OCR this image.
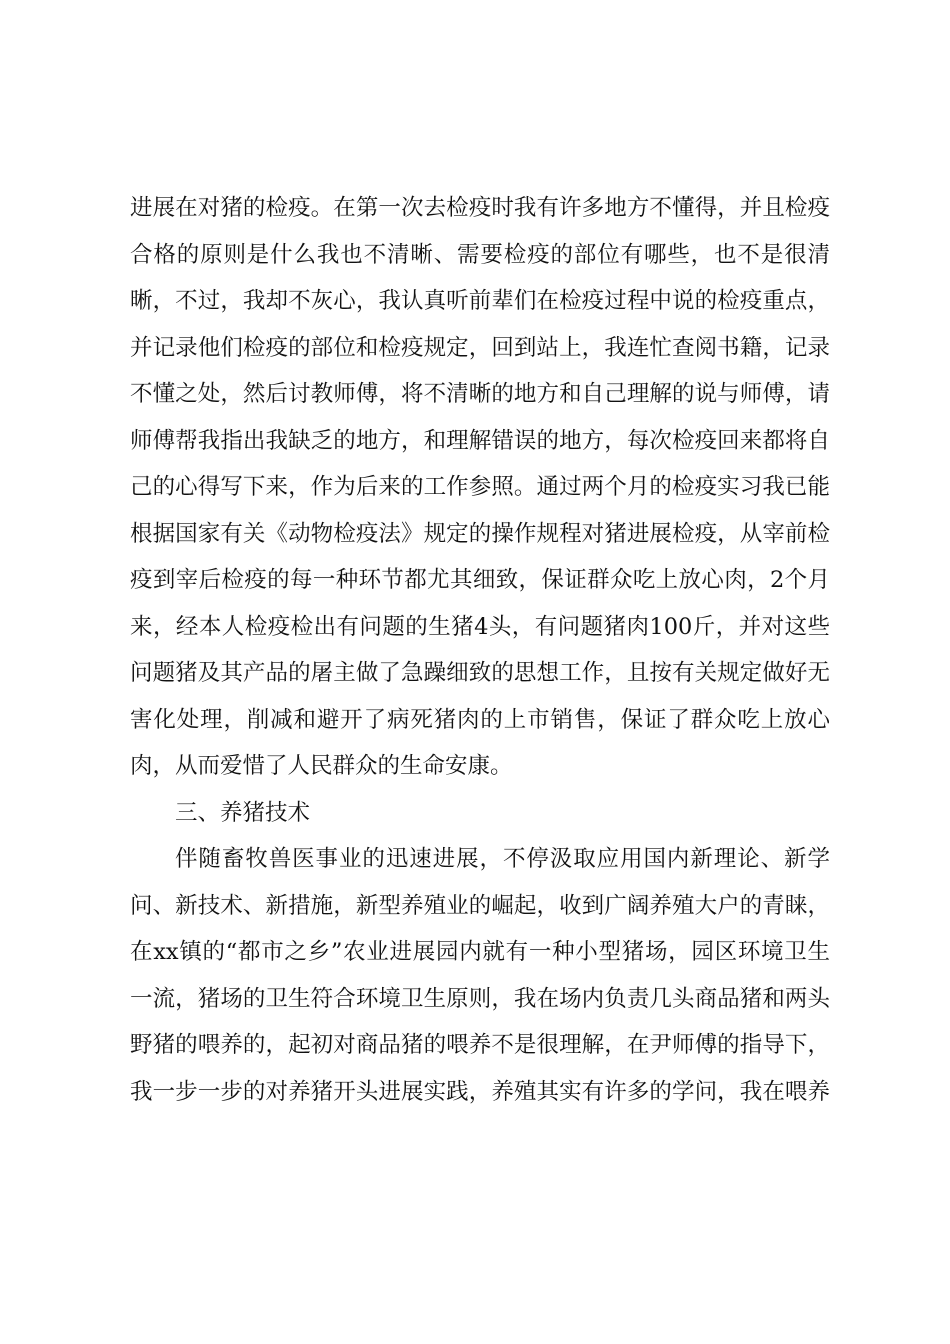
进展在对猪的检疫。在第一次去检疫时我有许多地方不懂得，并且检疫
合格的原则是什么我也不清晰、需要检疫的部位有哪些，也不是很清
晰，不过，我却不灰心，我认真听前辈们在检疫过程中说的检疫重点，
并记录他们检疫的部位和检疫规定，回到站上，我连忙查阅书籍，记录
不懂之处，然后讨教师傅，将不清晰的地方和自己理解的说与师傅，请
师傅帮我指出我缺乏的地方，和理解错误的地方，每次检疫回来都将自
己的心得写下来，作为后来的工作参照。通过两个月的检疫实习我已能
根据国家有关《动物检疫法》规定的操作规程对猪进展检疫，从宰前检
疫到宰后检疫的每一种环节都尤其细致，保证群众吃上放心肉，2个月
来，经本人检疫检出有问题的生猪4头，有问题猪肉100斤，并对这些
问题猪及其产品的屠主做了急躁细致的思想工作，且按有关规定做好无
害化处理，削减和避开了病死猪肉的上市销售，保证了群众吃上放心
肉，从而爱惜了人民群众的生命安康。
三、养猪技术
伴随畜牧兽医事业的迅速进展，不停汲取应用国内新理论、新学
问、新技术、新措施，新型养殖业的崛起，收到广阔养殖大户的青睐，
在xx镇的“都市之乡”农业进展园内就有一种小型猪场，园区环境卫生
一流，猪场的卫生符合环境卫生原则，我在场内负责几头商品猪和两头
野猪的喂养的，起初对商品猪的喂养不是很理解，在尹师傅的指导下，
我一步一步的对养猪开头进展实践，养殖其实有许多的学问，我在喂养
